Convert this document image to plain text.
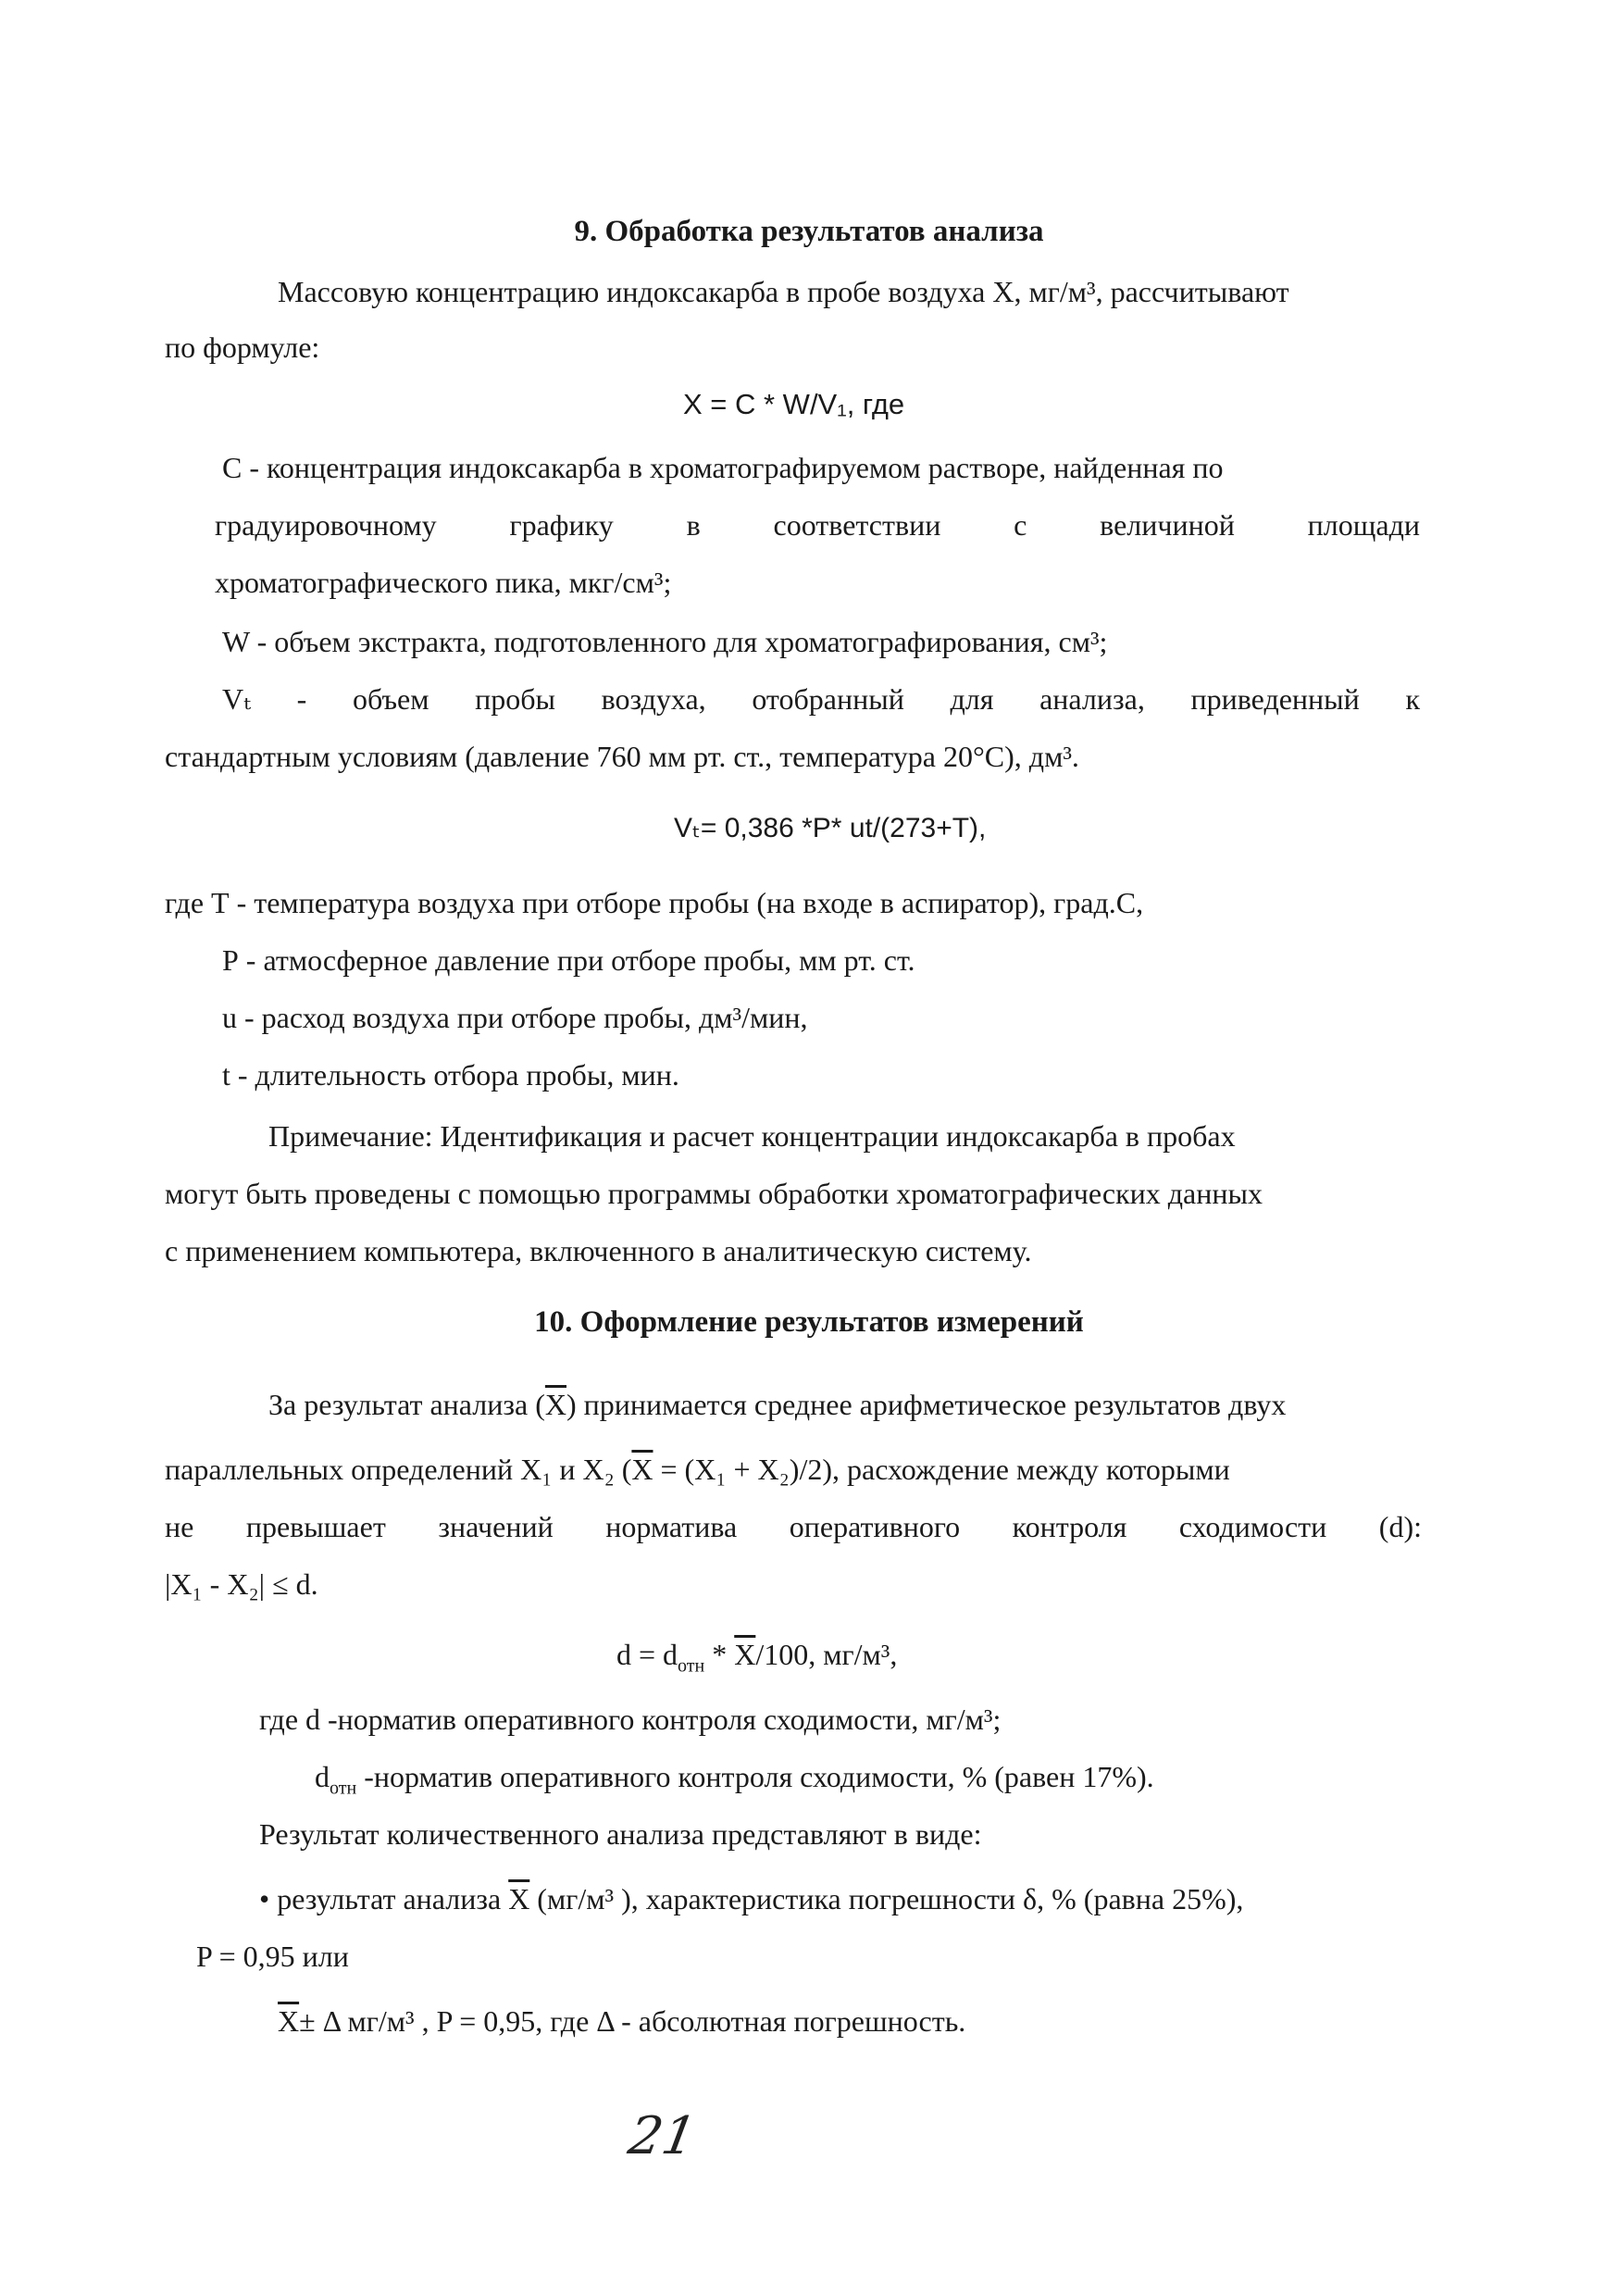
9. Обработка результатов анализа
Массовую концентрацию индоксакарба в пробе воздуха X, мг/м³, рассчитывают
по формуле:
X = C * W/V₁, где
C - концентрация индоксакарба в хроматографируемом растворе, найденная по
градуировочному графику в соответствии с величиной площади
хроматографического пика, мкг/см³;
W - объем экстракта, подготовленного для хроматографирования, см³;
Vₜ - объем пробы воздуха, отобранный для анализа, приведенный к
стандартным условиям (давление 760 мм рт. ст., температура 20°С), дм³.
Vₜ= 0,386 *P* ut/(273+T),
где Т - температура воздуха при отборе пробы (на входе в аспиратор), град.С,
Р - атмосферное давление при отборе пробы, мм рт. ст.
u - расход воздуха при отборе пробы, дм³/мин,
t - длительность отбора пробы, мин.
Примечание: Идентификация и расчет концентрации индоксакарба в пробах
могут быть проведены с помощью программы обработки хроматографических данных
с применением компьютера, включенного в аналитическую систему.
10. Оформление результатов измерений
За результат анализа $(\overline{X})$ принимается среднее арифметическое результатов двух
параллельных определений X₁ и X₂ $(\overline{X} = (X_1 + X_2)/2)$, расхождение между которыми
не превышает значений норматива оперативного контроля сходимости (d):
|X₁ - X₂| ≤ d.
$d = d_{отн} * \overline{X}/100$, мг/м³,
где d -норматив оперативного контроля сходимости, мг/м³;
$d_{отн}$ -норматив оперативного контроля сходимости, % (равен 17%).
Результат количественного анализа представляют в виде:
• результат анализа $\overline{X}$ (мг/м³ ), характеристика погрешности δ, % (равна 25%),
P = 0,95 или
$\overline{X}\pm \Delta$ мг/м³ , P = 0,95, где Δ - абсолютная погрешность.
21
